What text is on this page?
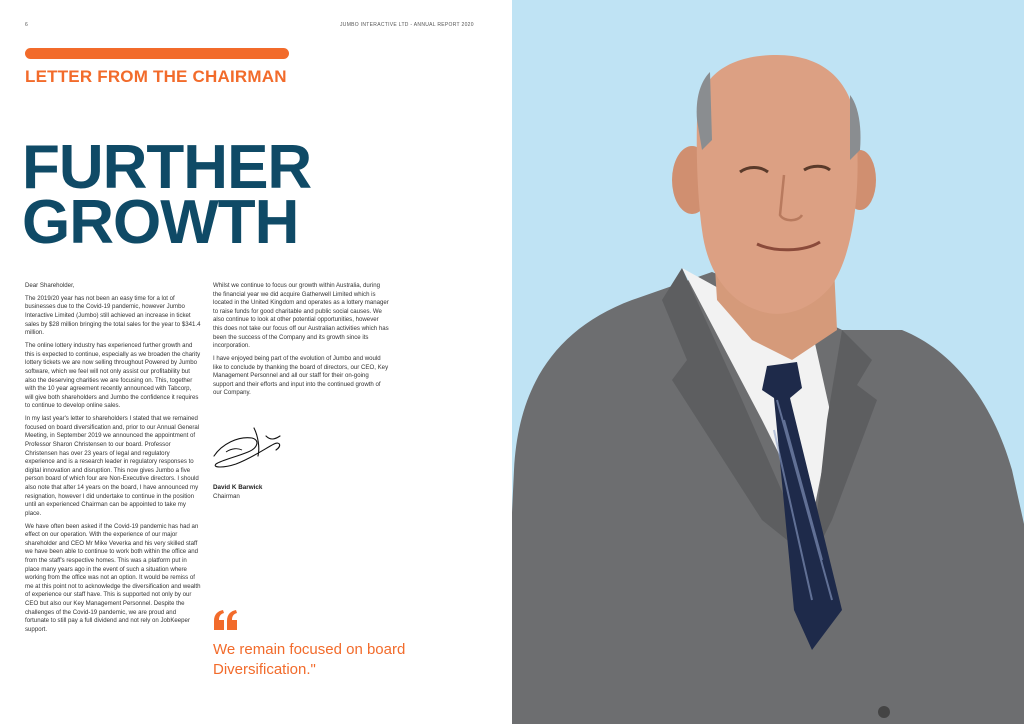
6	JUMBO INTERACTIVE LTD - ANNUAL REPORT 2020
LETTER FROM THE CHAIRMAN
FURTHER
GROWTH

Dear Shareholder,

The 2019/20 year has not been an easy time for a lot of businesses due to the Covid-19 pandemic, however Jumbo Interactive Limited (Jumbo) still achieved an increase in ticket sales by $28 million bringing the total sales for the year to $341.4 million.

The online lottery industry has experienced further growth and this is expected to continue, especially as we broaden the charity lottery tickets we are now selling throughout Powered by Jumbo software, which we feel will not only assist our profitability but also the deserving charities we are focusing on. This, together with the 10 year agreement recently announced with Tabcorp, will give both shareholders and Jumbo the confidence it requires to continue to develop online sales.

In my last year's letter to shareholders I stated that we remained focused on board diversification and, prior to our Annual General Meeting, in September 2019 we announced the appointment of Professor Sharon Christensen to our board. Professor Christensen has over 23 years of legal and regulatory experience and is a research leader in regulatory responses to digital innovation and disruption. This now gives Jumbo a five person board of which four are Non-Executive directors. I should also note that after 14 years on the board, I have announced my resignation, however I did undertake to continue in the position until an experienced Chairman can be appointed to take my place.

We have often been asked if the Covid-19 pandemic has had an effect on our operation. With the experience of our major shareholder and CEO Mr Mike Veverka and his very skilled staff we have been able to continue to work both within the office and from the staff's respective homes. This was a platform put in place many years ago in the event of such a situation where working from the office was not an option. It would be remiss of me at this point not to acknowledge the diversification and wealth of experience our staff have. This is supported not only by our CEO but also our Key Management Personnel. Despite the challenges of the Covid-19 pandemic, we are proud and fortunate to still pay a full dividend and not rely on JobKeeper support.

Whilst we continue to focus our growth within Australia, during the financial year we did acquire Gatherwell Limited which is located in the United Kingdom and operates as a lottery manager to raise funds for good charitable and public social causes. We also continue to look at other potential opportunities, however this does not take our focus off our Australian activities which has been the success of the Company and its growth since its incorporation.

I have enjoyed being part of the evolution of Jumbo and would like to conclude by thanking the board of directors, our CEO, Key Management Personnel and all our staff for their on-going support and their efforts and input into the continued growth of our Company.

David K Barwick
Chairman
We remain focused on board Diversification."
